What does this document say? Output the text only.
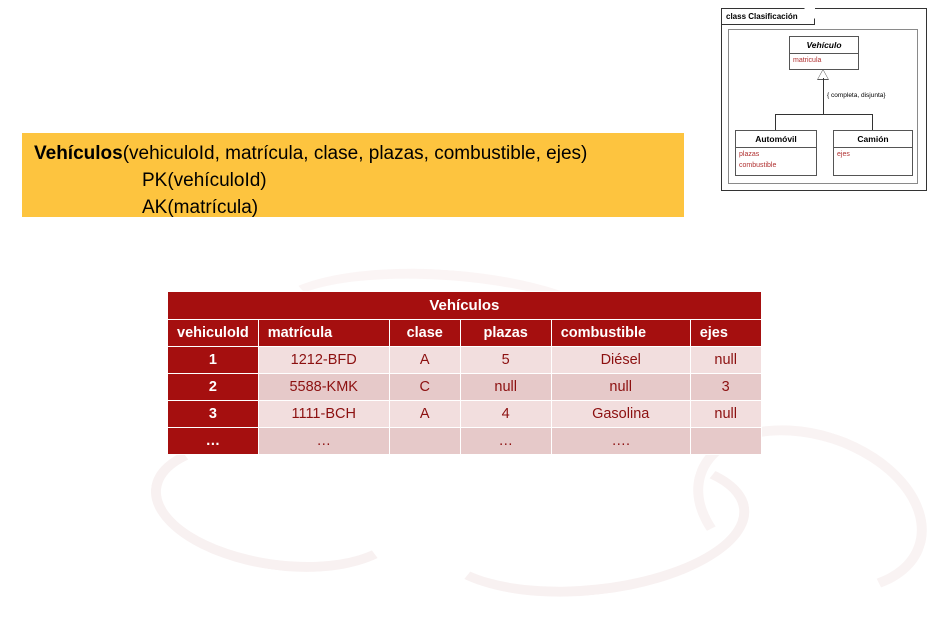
Vehículos(vehiculoId, matrícula, clase, plazas, combustible, ejes)
PK(vehículoId)
AK(matrícula)
class Clasificación
Vehículo
matricula
{ completa, disjunta}
Automóvil
plazas
combustible
Camión
ejes
Vehículos					
vehiculoId	matrícula	clase	plazas	combustible	ejes
1	1212-BFD	A	5	Diésel	null
2	5588-KMK	C	null	null	3
3	1111-BCH	A	4	Gasolina	null
…	…		…	….	
